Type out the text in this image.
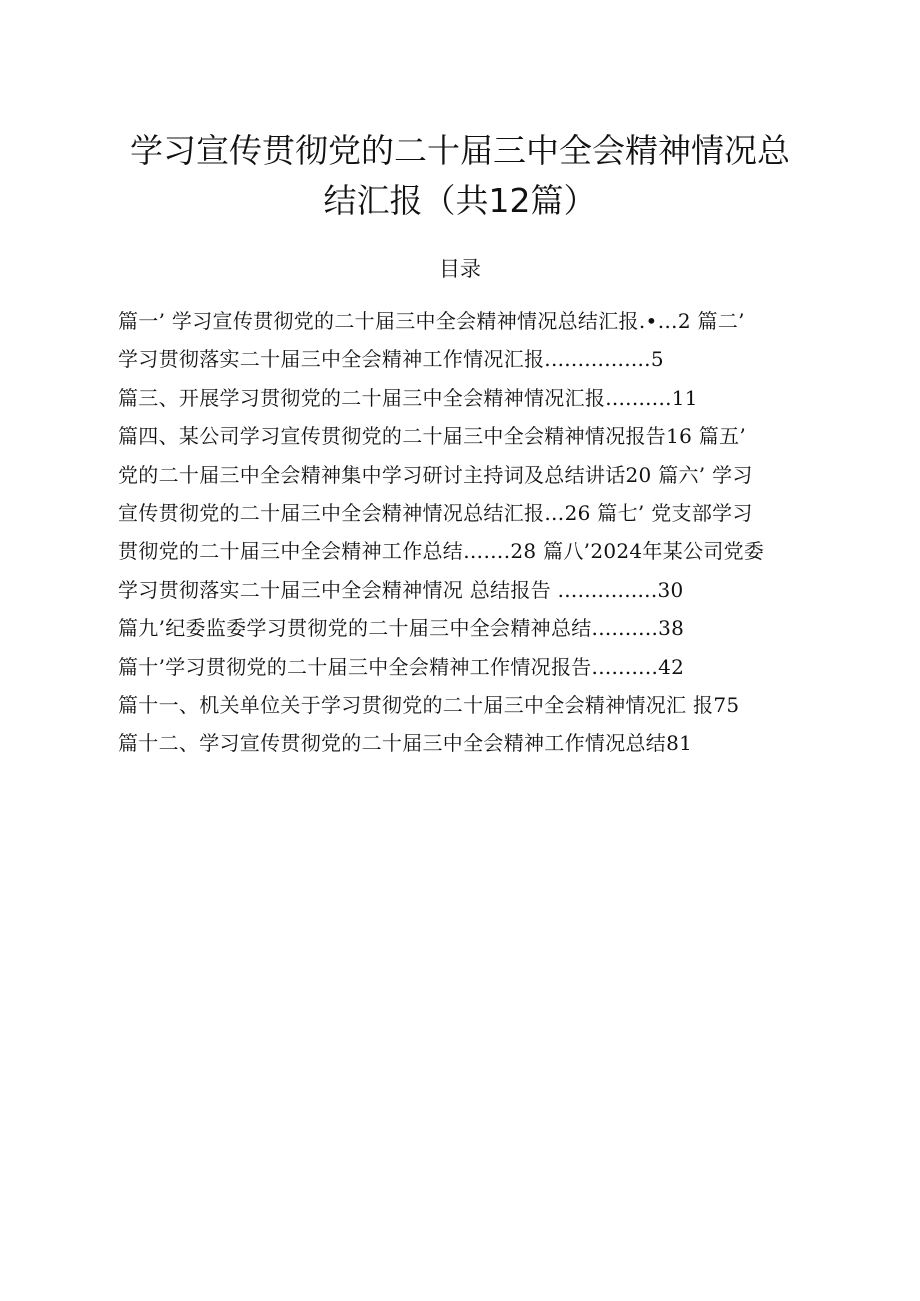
学习宣传贯彻党的二十届三中全会精神情况总
结汇报（共12篇）
目录
篇一’ 学习宣传贯彻党的二十届三中全会精神情况总结汇报.•…2 篇二’
学习贯彻落实二十届三中全会精神工作情况汇报................5
篇三、开展学习贯彻党的二十届三中全会精神情况汇报..........11
篇四、某公司学习宣传贯彻党的二十届三中全会精神情况报告16 篇五’
党的二十届三中全会精神集中学习研讨主持词及总结讲话20 篇六’ 学习
宣传贯彻党的二十届三中全会精神情况总结汇报…26 篇七’ 党支部学习
贯彻党的二十届三中全会精神工作总结…….28 篇八’2024年某公司党委
学习贯彻落实二十届三中全会精神情况 总结报告 ...............30
篇九’纪委监委学习贯彻党的二十届三中全会精神总结..........38
篇十’学习贯彻党的二十届三中全会精神工作情况报告..........42
篇十一、机关单位关于学习贯彻党的二十届三中全会精神情况汇 报75
篇十二、学习宣传贯彻党的二十届三中全会精神工作情况总结81
